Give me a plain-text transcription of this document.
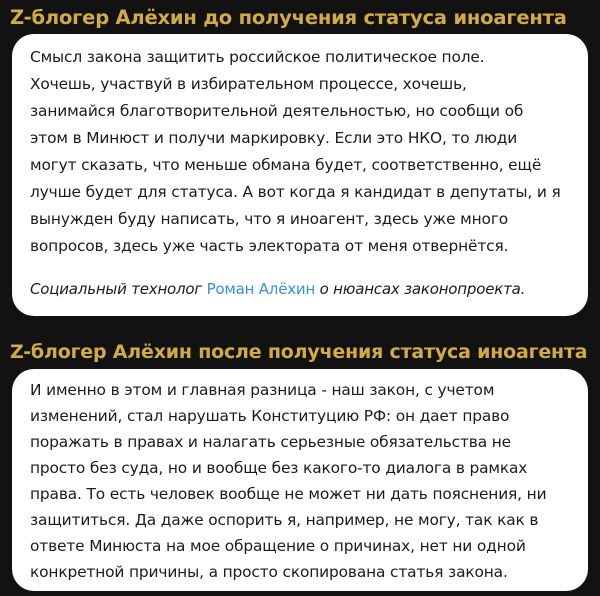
Z-блогер Алёхин до получения статуса иноагента
Смысл закона защитить российское политическое поле.
Хочешь, участвуй в избирательном процессе, хочешь,
занимайся благотворительной деятельностью, но сообщи об
этом в Минюст и получи маркировку. Если это НКО, то люди
могут сказать, что меньше обмана будет, соответственно, ещё
лучше будет для статуса. А вот когда я кандидат в депутаты, и я
вынужден буду написать, что я иноагент, здесь уже много
вопросов, здесь уже часть электората от меня отвернётся.
Социальный технолог Роман Алёхин о нюансах законопроекта.
Z-блогер Алёхин после получения статуса иноагента
И именно в этом и главная разница - наш закон, с учетом
изменений, стал нарушать Конституцию РФ: он дает право
поражать в правах и налагать серьезные обязательства не
просто без суда, но и вообще без какого-то диалога в рамках
права. То есть человек вообще не может ни дать пояснения, ни
защититься. Да даже оспорить я, например, не могу, так как в
ответе Минюста на мое обращение о причинах, нет ни одной
конкретной причины, а просто скопирована статья закона.
